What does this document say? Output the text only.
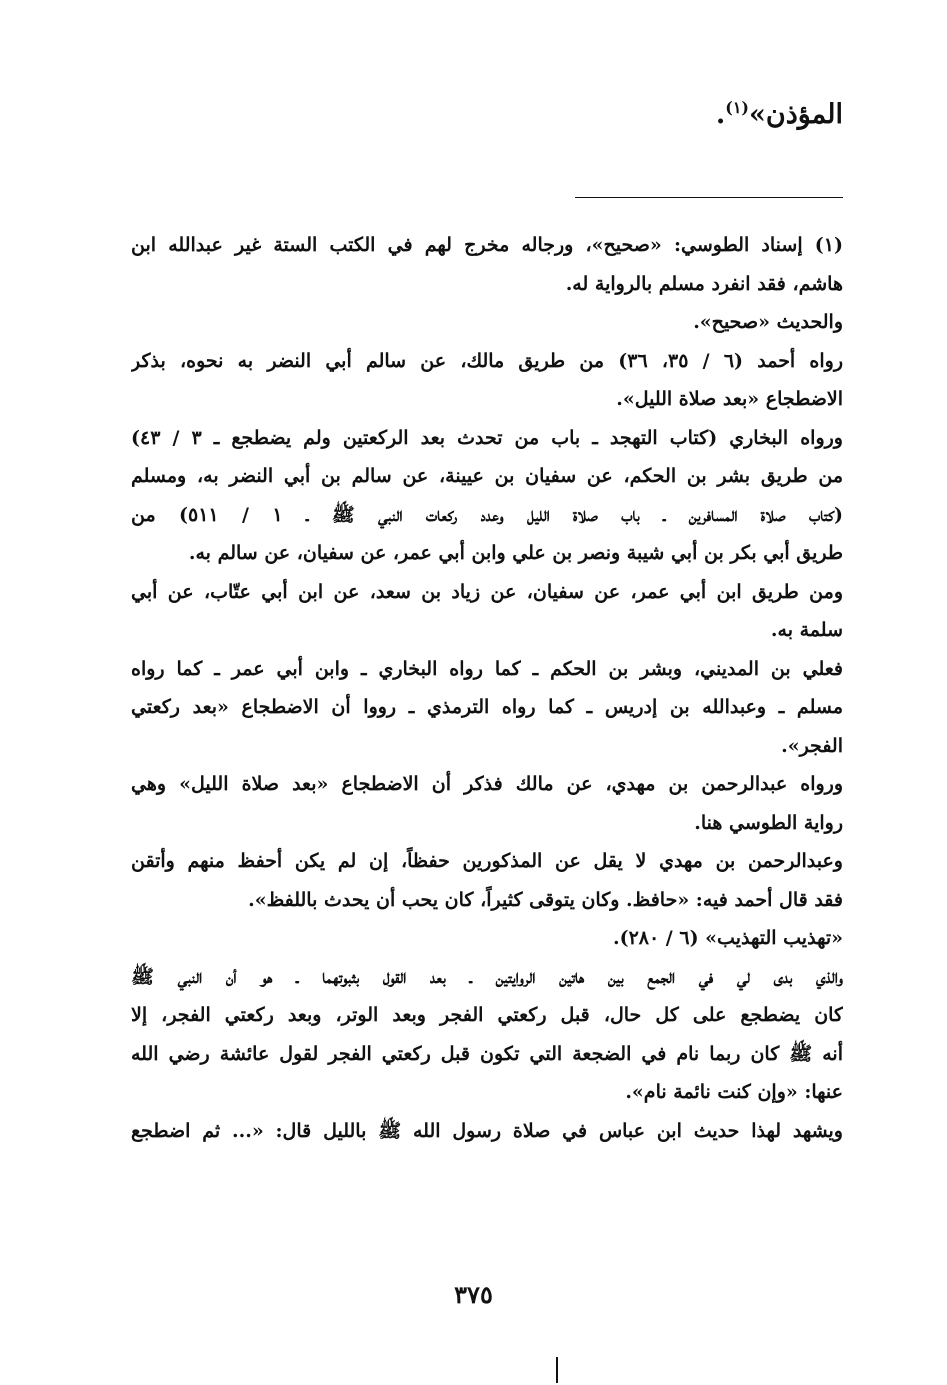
المؤذن»$^{(١)}$.
(١) إسناد الطوسي: «صحيح»، ورجاله مخرج لهم في الكتب الستة غير عبدالله ابن
هاشم، فقد انفرد مسلم بالرواية له.
والحديث «صحيح».
رواه أحمد (٦ / ٣٥، ٣٦) من طريق مالك، عن سالم أبي النضر به نحوه، بذكر
الاضطجاع «بعد صلاة الليل».
ورواه البخاري (كتاب التهجد ـ باب من تحدث بعد الركعتين ولم يضطجع ـ ٣ / ٤٣)
من طريق بشر بن الحكم، عن سفيان بن عيينة، عن سالم بن أبي النضر به، ومسلم
(كتاب صلاة المسافرين ـ باب صلاة الليل وعدد ركعات النبي ﷺ ـ ١ / ٥١١) من
طريق أبي بكر بن أبي شيبة ونصر بن علي وابن أبي عمر، عن سفيان، عن سالم به.
ومن طريق ابن أبي عمر، عن سفيان، عن زياد بن سعد، عن ابن أبي عتّاب، عن أبي
سلمة به.
فعلي بن المديني، وبشر بن الحكم ـ كما رواه البخاري ـ وابن أبي عمر ـ كما رواه
مسلم ـ وعبدالله بن إدريس ـ كما رواه الترمذي ـ رووا أن الاضطجاع «بعد ركعتي
الفجر».
ورواه عبدالرحمن بن مهدي، عن مالك فذكر أن الاضطجاع «بعد صلاة الليل» وهي
رواية الطوسي هنا.
وعبدالرحمن بن مهدي لا يقل عن المذكورين حفظاً، إن لم يكن أحفظ منهم وأتقن
فقد قال أحمد فيه: «حافظ. وكان يتوقى كثيراً، كان يحب أن يحدث باللفظ».
«تهذيب التهذيب» (٦ / ٢٨٠).
والذي بدى لي في الجمع بين هاتين الروايتين ـ بعد القول بثبوتهما ـ هو أن النبي ﷺ
كان يضطجع على كل حال، قبل ركعتي الفجر وبعد الوتر، وبعد ركعتي الفجر، إلا
أنه ﷺ كان ربما نام في الضجعة التي تكون قبل ركعتي الفجر لقول عائشة رضي الله
عنها: «وإن كنت نائمة نام».
ويشهد لهذا حديث ابن عباس في صلاة رسول الله ﷺ بالليل قال: «... ثم اضطجع
٣٧٥
